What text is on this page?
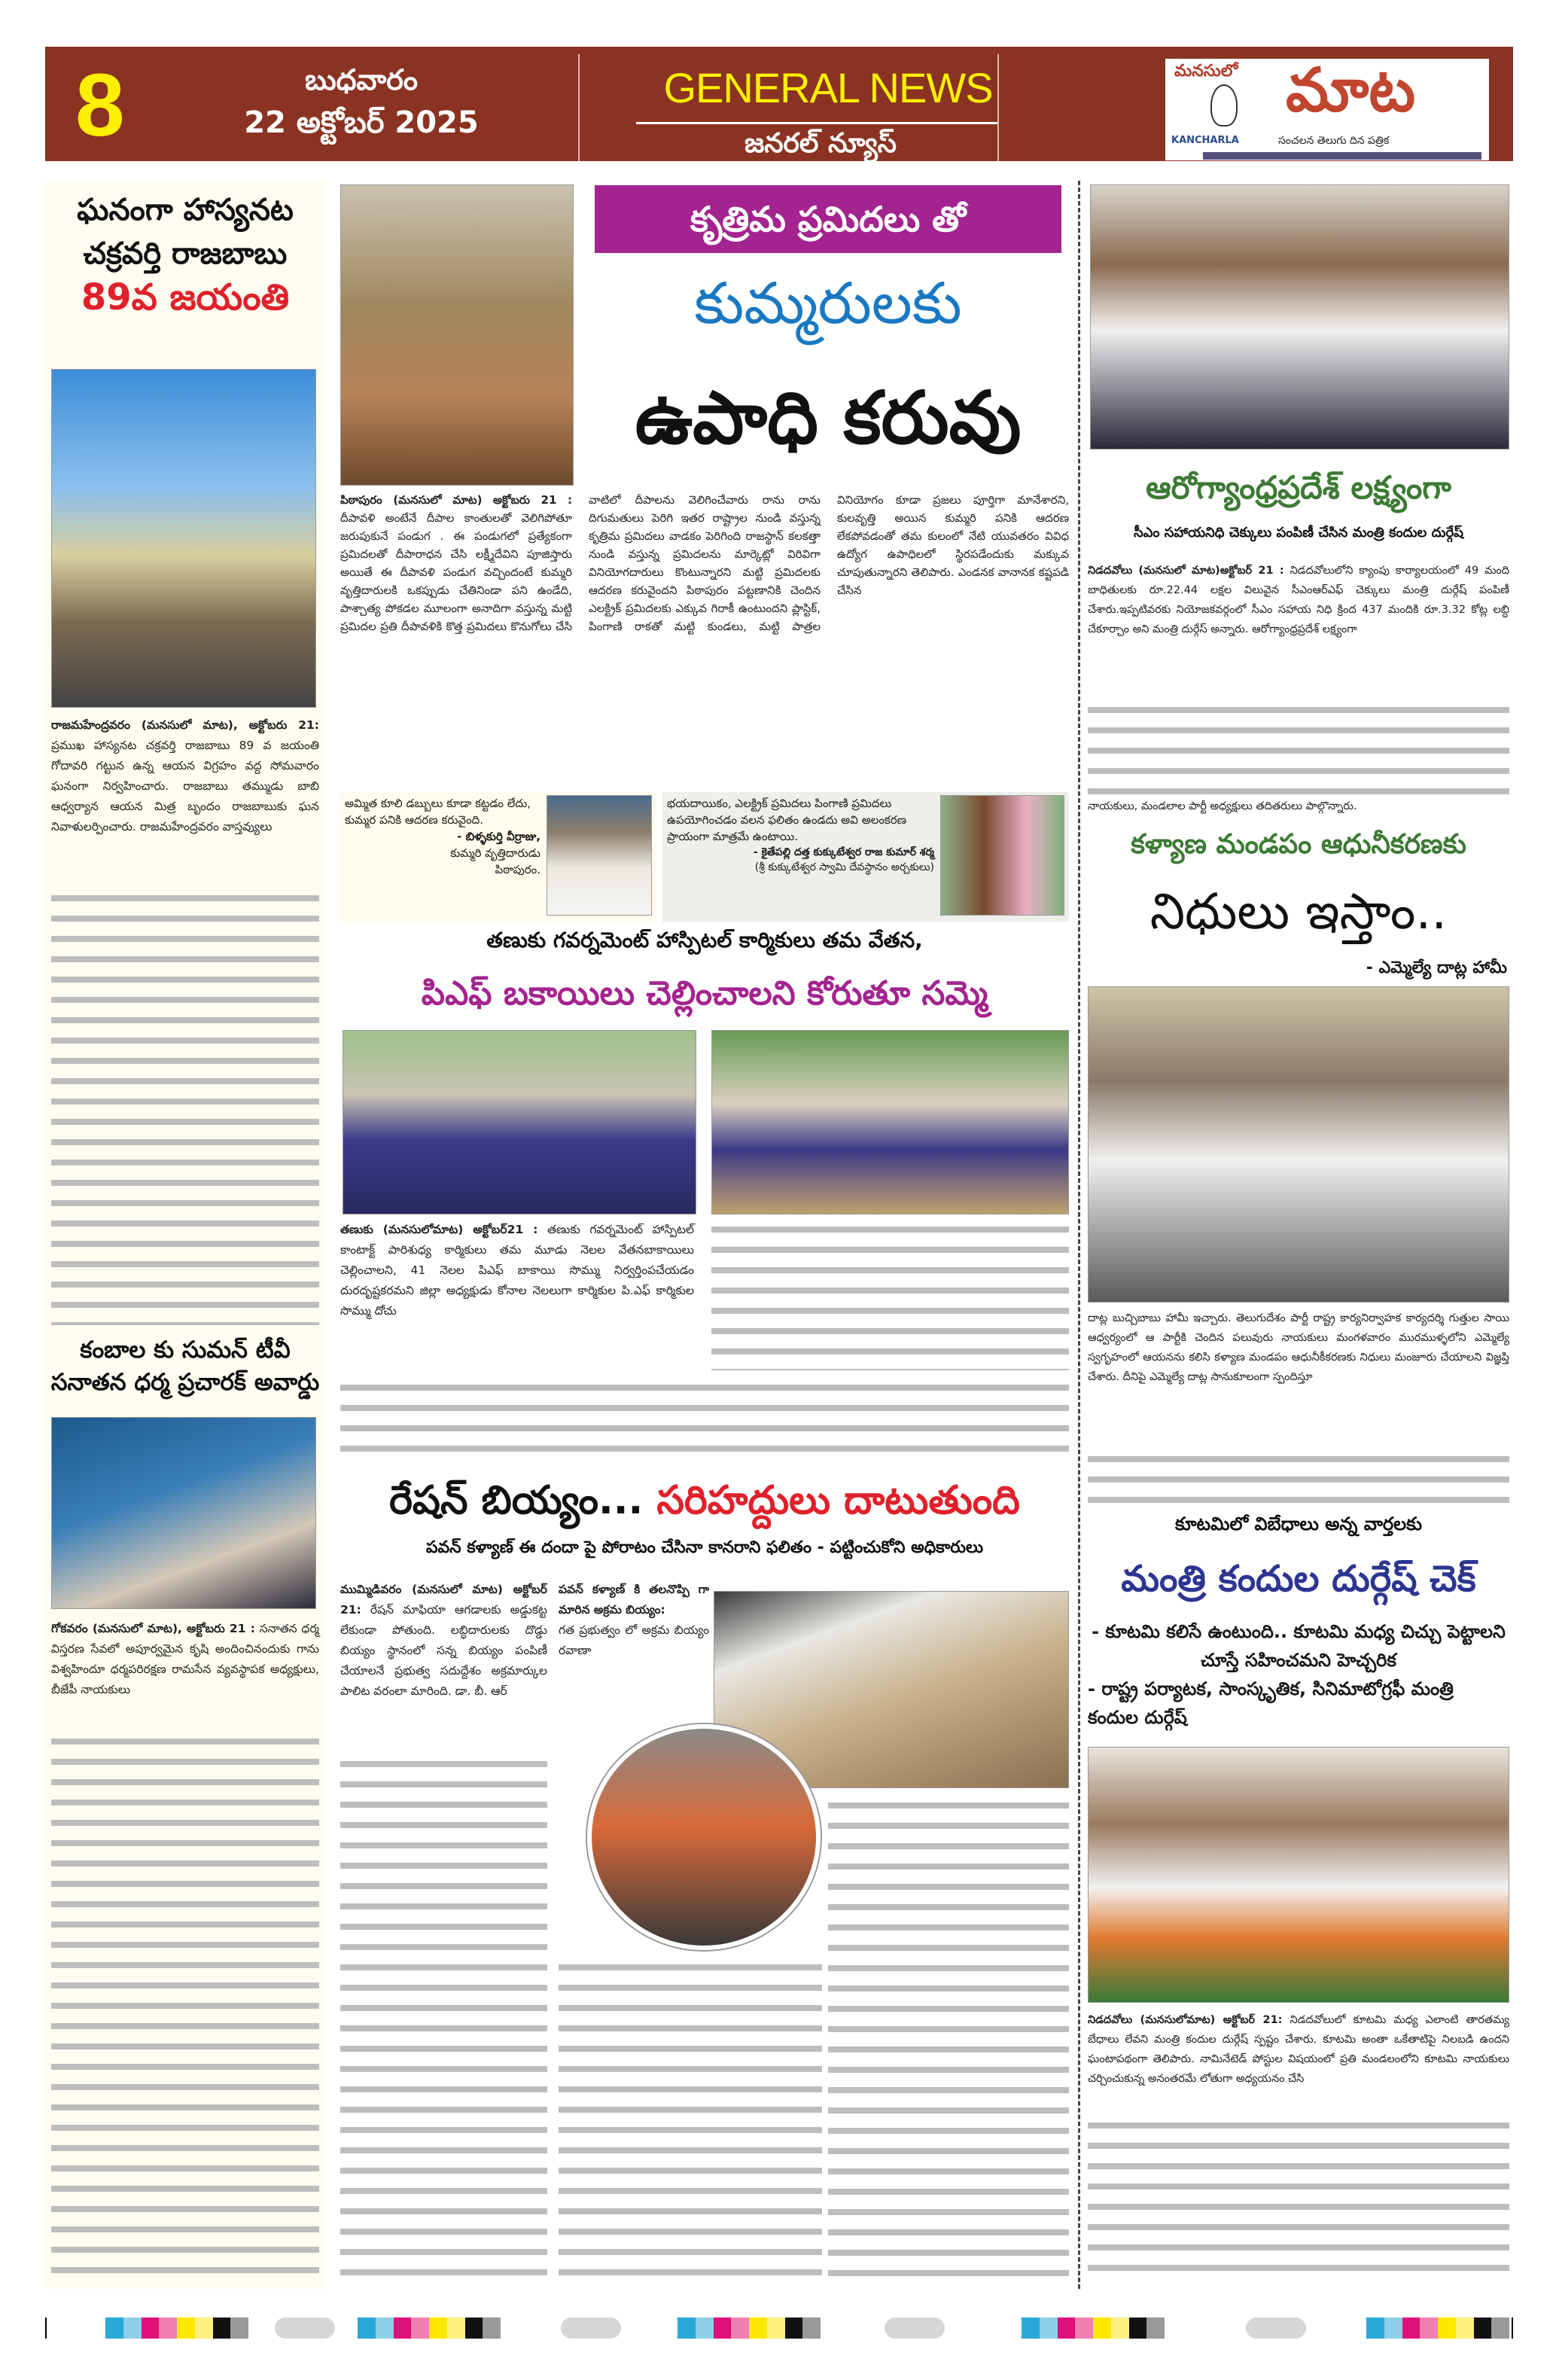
8	బుధవారం
22 అక్టోబర్ 2025
GENERAL NEWS
జనరల్ న్యూస్
మనసులో మాట
KANCHARLA	సంచలన తెలుగు దిన పత్రిక
ఘనంగా హాస్యనట
చక్రవర్తి రాజబాబు
89వ జయంతి
రాజమహేంద్రవరం (మనసులో మాట), అక్టోబరు 21: ప్రముఖ హాస్యనట చక్రవర్తి రాజబాబు 89 వ జయంతి గోదావరి గట్టున ఉన్న ఆయన విగ్రహం వద్ద సోమవారం ఘనంగా నిర్వహించారు. రాజబాబు తమ్ముడు బాబి ఆధ్వర్యాన ఆయన మిత్ర బృందం రాజబాబుకు ఘన నివాళులర్పించారు. రాజమహేంద్రవరం వాస్తవ్యులు
కంబాల కు సుమన్ టీవీ
సనాతన ధర్మ ప్రచారక్ అవార్డు
గోకవరం (మనసులో మాట), అక్టోబరు 21 : సనాతన ధర్మ విస్తరణ సేవలో అపూర్వమైన కృషి అందించినందుకు గాను విశ్వహిందూ ధర్మపరిరక్షణ రామసేన వ్యవస్థాపక అధ్యక్షులు, బీజేపీ నాయకులు
కృత్రిమ ప్రమిదలు తో
కుమ్మరులకు
ఉపాధి కరువు
పిఠాపురం (మనసులో మాట) అక్టోబరు 21 : దీపావళి అంటేనే దీపాల కాంతులతో వెలిగిపోతూ జరుపుకునే పండుగ . ఈ పండుగలో ప్రత్యేకంగా ప్రమిదలతో దీపారాధన చేసి లక్ష్మీదేవిని పూజిస్తారు అయితే ఈ దీపావళి పండుగ వచ్చిందంటే కుమ్మరి వృత్తిదారులకి ఒకప్పుడు చేతినిండా పని ఉండేది, పాశ్చాత్య పోకడల మూలంగా అనాదిగా వస్తున్న మట్టి ప్రమిదల ప్రతి దీపావళికి కొత్త ప్రమిదలు కొనుగోలు చేసి వాటిలో దీపాలను వెలిగించేవారు రాను రాను దిగుమతులు పెరిగి ఇతర రాష్ట్రాల నుండి వస్తున్న కృత్రిమ ప్రమిదలు వాడకం పెరిగింది రాజస్థాన్ కలకత్తా నుండి వస్తున్న ప్రమిదలను మార్కెట్లో విరివిగా వినియోగదారులు కొంటున్నారని మట్టి ప్రమిదలకు ఆదరణ కరువైందని పిఠాపురం పట్టణానికి చెందిన ఎలక్ట్రిక్ ప్రమిదలకు ఎక్కువ గిరాకీ ఉంటుందని ప్లాస్టిక్, పింగాణి రాకతో మట్టి కుండలు, మట్టి పాత్రల వినియోగం కూడా ప్రజలు పూర్తిగా మానేశారని, కులవృత్తి అయిన కుమ్మరి పనికి ఆదరణ లేకపోవడంతో తమ కులంలో నేటి యువతరం వివిధ ఉద్యోగ ఉపాధిలలో స్థిరపడేందుకు మక్కువ చూపుతున్నారని తెలిపారు. ఎండనక వానానక కష్టపడి చేసిన
అమ్మిత కూలి డబ్బులు కూడా కట్టడం లేదు, కుమ్మర పనికి ఆదరణ కరువైంది.
- బిళ్ళకుర్తి వీర్రాజు,
కుమ్మరి వృత్తిదారుడు
పిఠాపురం.
భయదాయికం, ఎలక్ట్రిక్ ప్రమిదలు పింగాణి ప్రమిదలు ఉపయోగించడం వలన ఫలితం ఉండదు అవి అలంకరణ ప్రాయంగా మాత్రమే ఉంటాయి.
- కైతేపల్లి దత్త కుక్కుటేశ్వర రాజ కుమార్ శర్మ
(శ్రీ కుక్కుటేశ్వర స్వామి దేవస్థానం అర్చకులు)
తణుకు గవర్నమెంట్ హాస్పిటల్ కార్మికులు తమ వేతన,
పిఎఫ్ బకాయిలు చెల్లించాలని కోరుతూ సమ్మె
తణుకు (మనసులోమాట) అక్టోబర్21 : తణుకు గవర్నమెంట్ హాస్పిటల్ కాంటాక్ట్ పారిశుధ్య కార్మికులు తమ మూడు నెలల వేతనబాకాయిలు చెల్లించాలని, 41 నెలల పిఎఫ్ బాకాయి సొమ్ము నిర్వర్తింపచేయడం దురదృష్టకరమని జిల్లా అధ్యక్షుడు కోనాల నెలలుగా కార్మికుల పి.ఎఫ్ కార్మికుల సొమ్ము దోచు
రేషన్ బియ్యం... సరిహద్దులు దాటుతుంది
పవన్ కళ్యాణ్ ఈ దందా పై పోరాటం చేసినా కానరాని ఫలితం - పట్టించుకోని అధికారులు
ముమ్మిడివరం (మనసులో మాట) అక్టోబర్ 21: రేషన్ మాఫియా ఆగడాలకు అడ్డుకట్ట లేకుండా పోతుంది. లబ్ధిదారులకు దొడ్డు బియ్యం స్థానంలో సన్న బియ్యం పంపిణీ చేయాలనే ప్రభుత్వ సదుద్దేశం అక్రమార్కుల పాలిట వరంలా మారింది. డా. బీ. ఆర్
పవన్ కళ్యాణ్ కి తలనొప్పి గా మారిన అక్రమ బియ్యం:
గత ప్రభుత్వం లో అక్రమ బియ్యం రవాణా
ఆరోగ్యాంధ్రప్రదేశ్ లక్ష్యంగా
సీఎం సహాయనిధి చెక్కులు పంపిణీ చేసిన మంత్రి కందుల దుర్గేష్
నిడదవోలు (మనసులో మాట)అక్టోబర్ 21 : నిడదవోలులోని క్యాంపు కార్యాలయంలో 49 మంది బాధితులకు రూ.22.44 లక్షల విలువైన సీఎంఆర్ఎఫ్ చెక్కులు మంత్రి దుర్గేష్ పంపిణీ చేశారు.ఇప్పటివరకు నియోజకవర్గంలో సీఎం సహాయ నిధి క్రింద 437 మందికి రూ.3.32 కోట్ల లబ్ధి చేకూర్చాం అని మంత్రి దుర్గేస్ అన్నారు. ఆరోగ్యాంధ్రప్రదేశ్ లక్ష్యంగా
నాయకులు, మండలాల పార్టీ అధ్యక్షులు తదితరులు పాల్గొన్నారు.
కళ్యాణ మండపం ఆధునీకరణకు
నిధులు ఇస్తాం..
- ఎమ్మెల్యే దాట్ల హామీ
దాట్ల బుచ్చిబాబు హామీ ఇచ్చారు. తెలుగుదేశం పార్టీ రాష్ట్ర కార్యనిర్వాహక కార్యదర్శి గుత్తుల సాయి ఆధ్వర్యంలో ఆ పార్టీకి చెందిన పలువురు నాయకులు మంగళవారం మురముళ్ళలోని ఎమ్మెల్యే స్వగృహంలో ఆయనను కలిసి కళ్యాణ మండపం ఆధునీకీకరణకు నిధులు మంజూరు చేయాలని విజ్ఞప్తి చేశారు. దీనిపై ఎమ్మెల్యే దాట్ల సానుకూలంగా స్పందిస్తూ
కూటమిలో విబేధాలు అన్న వార్తలకు
మంత్రి కందుల దుర్గేష్ చెక్
- కూటమి కలిసే ఉంటుంది.. కూటమి మధ్య చిచ్చు పెట్టాలని చూస్తే సహించమని హెచ్చరిక
- రాష్ట్ర పర్యాటక, సాంస్కృతిక, సినిమాటోగ్రఫీ మంత్రి కందుల దుర్గేష్
నిడదవోలు (మనసులోమాట) అక్టోబర్ 21: నిడదవోలులో కూటమి మధ్య ఎలాంటి తారతమ్య బేధాలు లేవని మంత్రి కందుల దుర్గేష్ స్పష్టం చేశారు. కూటమి అంతా ఒకేతాటిపై నిలబడి ఉందని ఘంటాపథంగా తెలిపారు. నామినేటెడ్ పోస్టుల విషయంలో ప్రతి మండలంలోని కూటమి నాయకులు చర్చించుకున్న అనంతరమే లోతుగా అధ్యయనం చేసి
